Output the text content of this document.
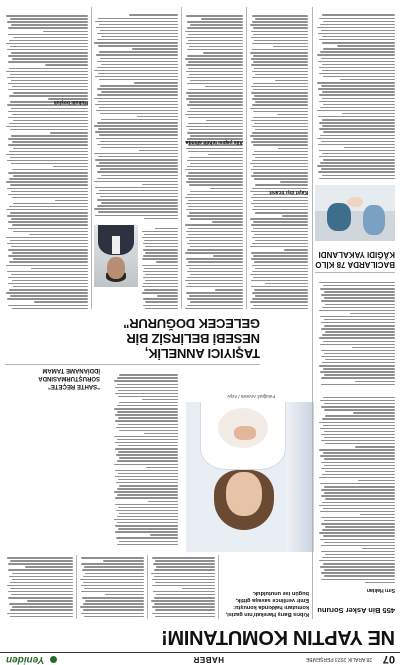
07
28 ARALIK 2023 PERŞEMBE
HABER
Yeniden
NE YAPTIN KOMUTANIM!
455 Bin Asker Sorunu
Sırrı Haktan
Kıbrıs Barış Harekatı'nın gazisi, komutanı hakkında konuştu: Emir verilince savaşa gittik, bugün ise unutulduk.
Fotoğraf: Anonim / Arşiv
"SAHTE REÇETE"
SORUŞTURMASINDA
İDDİANAME TAMAM
TAŞIYICI ANNELİK,
NESEBİ BELİRSİZ BİR
GELECEK DOĞURUR"
BACILARDA 78 KİLO KÂĞIDI YAKALANDI
Kayıt dışı ticaret
Aile yapısı tehdit altında
Hukuki boşluk
